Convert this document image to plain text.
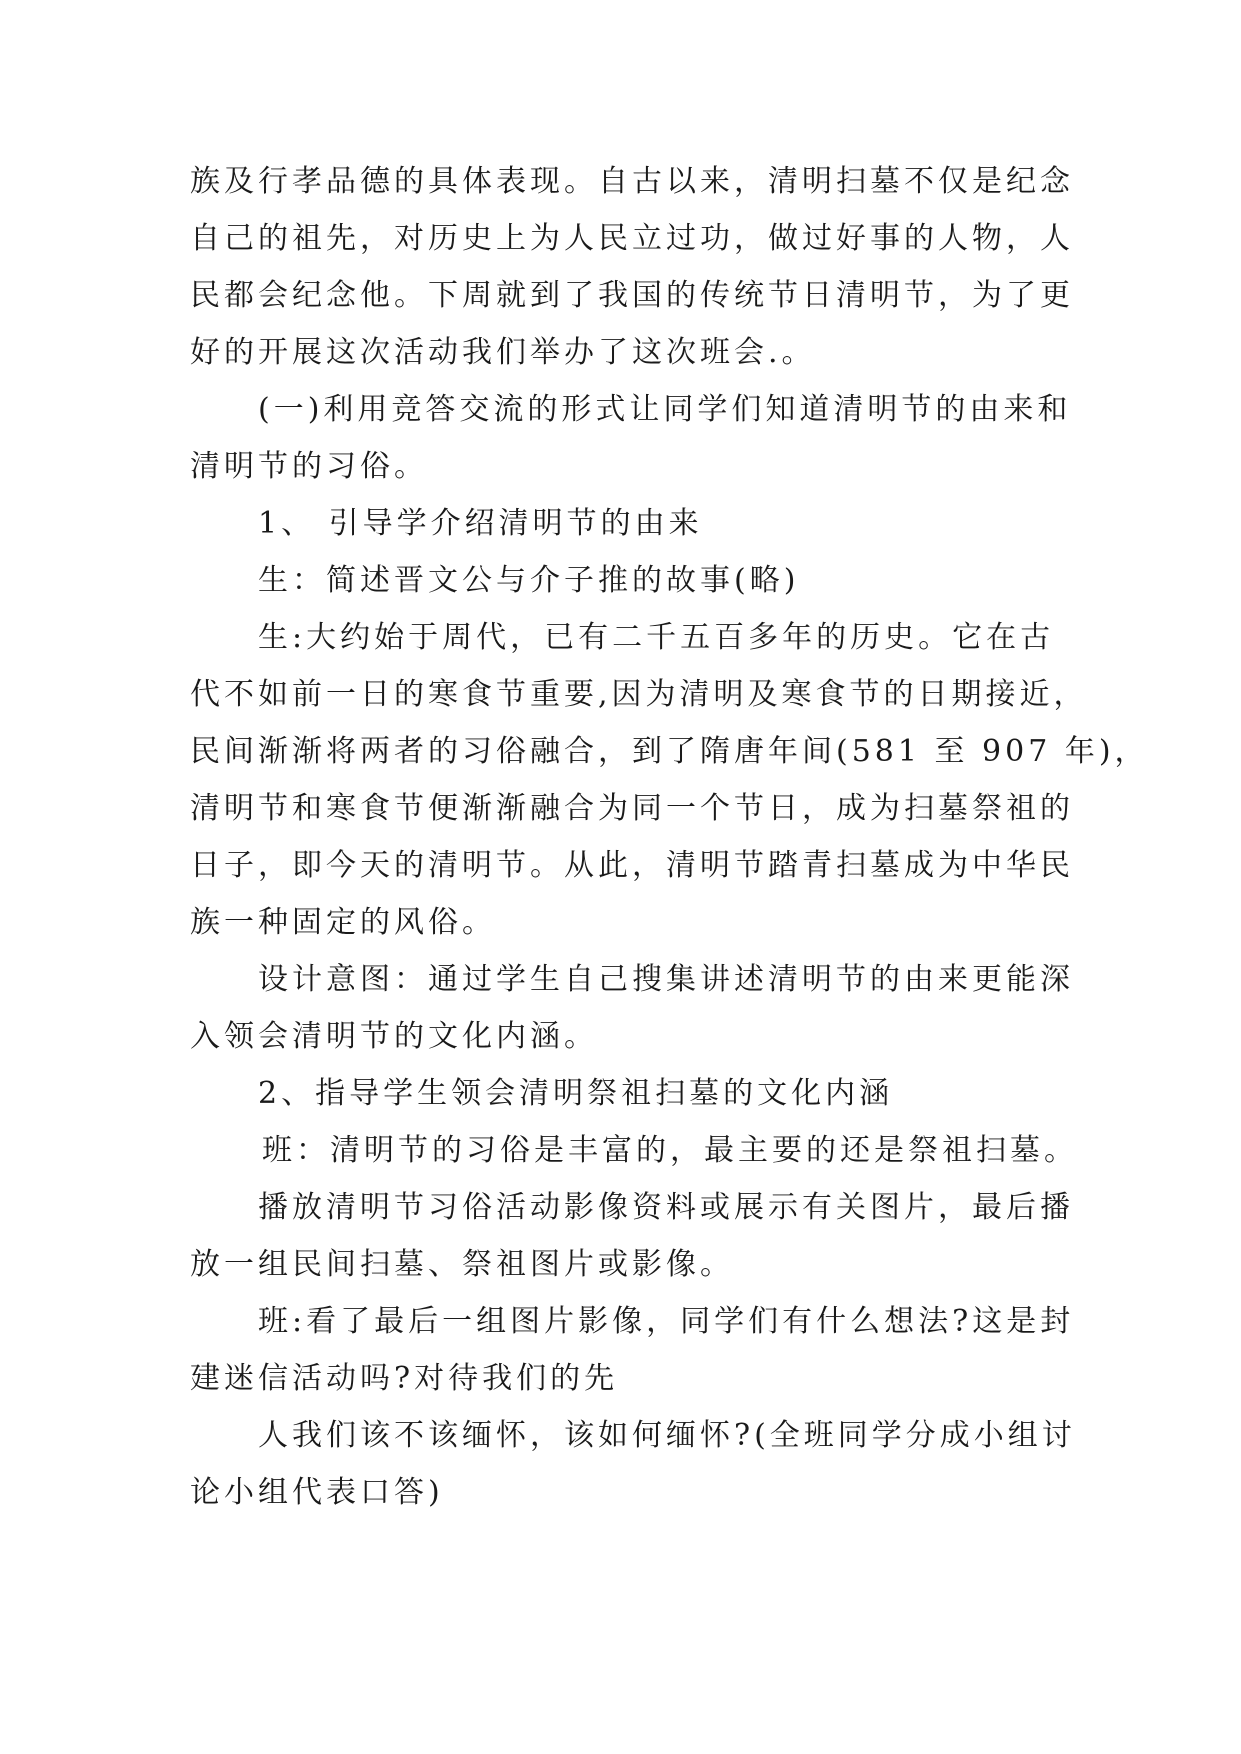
族及行孝品德的具体表现。自古以来，清明扫墓不仅是纪念
自己的祖先，对历史上为人民立过功，做过好事的人物，人
民都会纪念他。下周就到了我国的传统节日清明节，为了更
好的开展这次活动我们举办了这次班会.。
(一)利用竞答交流的形式让同学们知道清明节的由来和
清明节的习俗。
1、 引导学介绍清明节的由来
生：简述晋文公与介子推的故事(略)
生:大约始于周代，已有二千五百多年的历史。它在古
代不如前一日的寒食节重要,因为清明及寒食节的日期接近，
民间渐渐将两者的习俗融合，到了隋唐年间(581 至 907 年)，
清明节和寒食节便渐渐融合为同一个节日，成为扫墓祭祖的
日子，即今天的清明节。从此，清明节踏青扫墓成为中华民
族一种固定的风俗。
设计意图：通过学生自己搜集讲述清明节的由来更能深
入领会清明节的文化内涵。
2、指导学生领会清明祭祖扫墓的文化内涵
班：清明节的习俗是丰富的，最主要的还是祭祖扫墓。
播放清明节习俗活动影像资料或展示有关图片，最后播
放一组民间扫墓、祭祖图片或影像。
班:看了最后一组图片影像，同学们有什么想法?这是封
建迷信活动吗?对待我们的先
人我们该不该缅怀，该如何缅怀?(全班同学分成小组讨
论小组代表口答)
